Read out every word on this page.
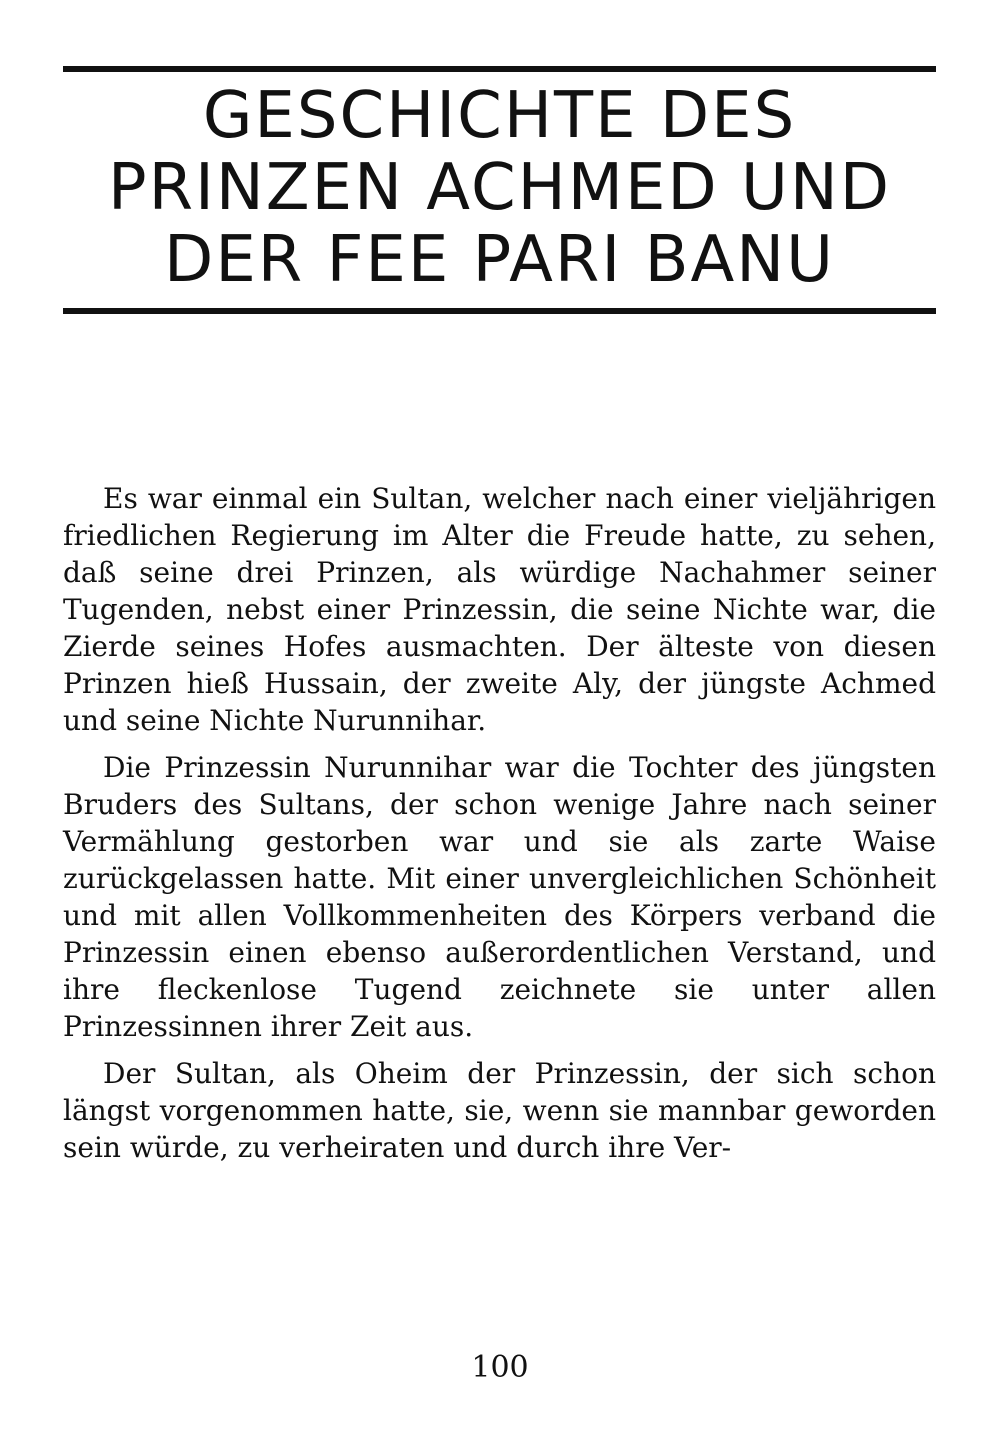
GESCHICHTE DES
PRINZEN ACHMED UND
DER FEE PARI BANU

Es war einmal ein Sultan, welcher nach einer vieljährigen friedlichen Regierung im Alter die Freude hatte, zu sehen, daß seine drei Prinzen, als würdige Nachahmer seiner Tugenden, nebst einer Prinzessin, die seine Nichte war, die Zierde seines Hofes ausmachten. Der älteste von diesen Prinzen hieß Hussain, der zweite Aly, der jüngste Achmed und seine Nichte Nurunnihar.

Die Prinzessin Nurunnihar war die Tochter des jüngsten Bruders des Sultans, der schon wenige Jahre nach seiner Vermählung gestorben war und sie als zarte Waise zurückgelassen hatte. Mit einer unvergleichlichen Schönheit und mit allen Vollkommenheiten des Körpers verband die Prinzessin einen ebenso außerordentlichen Verstand, und ihre fleckenlose Tugend zeichnete sie unter allen Prinzessinnen ihrer Zeit aus.

Der Sultan, als Oheim der Prinzessin, der sich schon längst vorgenommen hatte, sie, wenn sie mannbar geworden sein würde, zu verheiraten und durch ihre Ver-

100
